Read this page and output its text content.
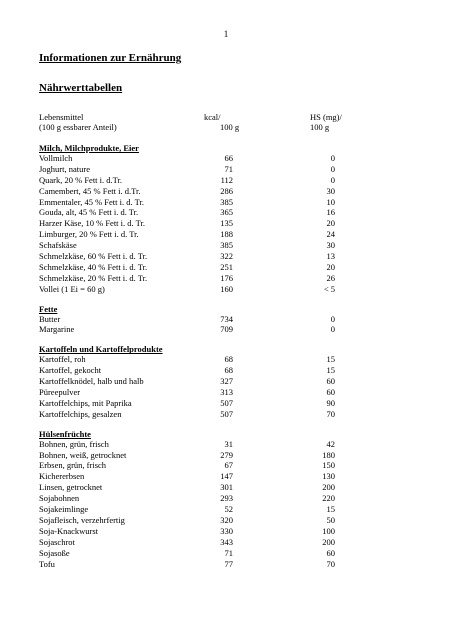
1
Informationen zur Ernährung
Nährwerttabellen
Lebensmittel	kcal/	HS (mg)/
(100 g essbarer Anteil)	100 g	100 g
Milch, Milchprodukte, Eier
Vollmilch	66	0
Joghurt, nature	71	0
Quark, 20 % Fett i. d.Tr.	112	0
Camembert, 45 % Fett i. d.Tr.	286	30
Emmentaler, 45 % Fett i. d. Tr.	385	10
Gouda, alt, 45 % Fett i. d. Tr.	365	16
Harzer Käse, 10 % Fett i. d. Tr.	135	20
Limburger, 20 % Fett i. d. Tr.	188	24
Schafskäse	385	30
Schmelzkäse, 60 % Fett i. d. Tr.	322	13
Schmelzkäse, 40 % Fett i. d. Tr.	251	20
Schmelzkäse, 20 % Fett i. d. Tr.	176	26
Vollei (1 Ei = 60 g)	160	< 5
Fette
Butter	734	0
Margarine	709	0
Kartoffeln und Kartoffelprodukte
Kartoffel, roh	68	15
Kartoffel, gekocht	68	15
Kartoffelknödel, halb und halb	327	60
Püreepulver	313	60
Kartoffelchips, mit Paprika	507	90
Kartoffelchips, gesalzen	507	70
Hülsenfrüchte
Bohnen, grün, frisch	31	42
Bohnen, weiß, getrocknet	279	180
Erbsen, grün, frisch	67	150
Kichererbsen	147	130
Linsen, getrocknet	301	200
Sojabohnen	293	220
Sojakeimlinge	52	15
Sojafleisch, verzehrfertig	320	50
Soja-Knackwurst	330	100
Sojaschrot	343	200
Sojasoße	71	60
Tofu	77	70
